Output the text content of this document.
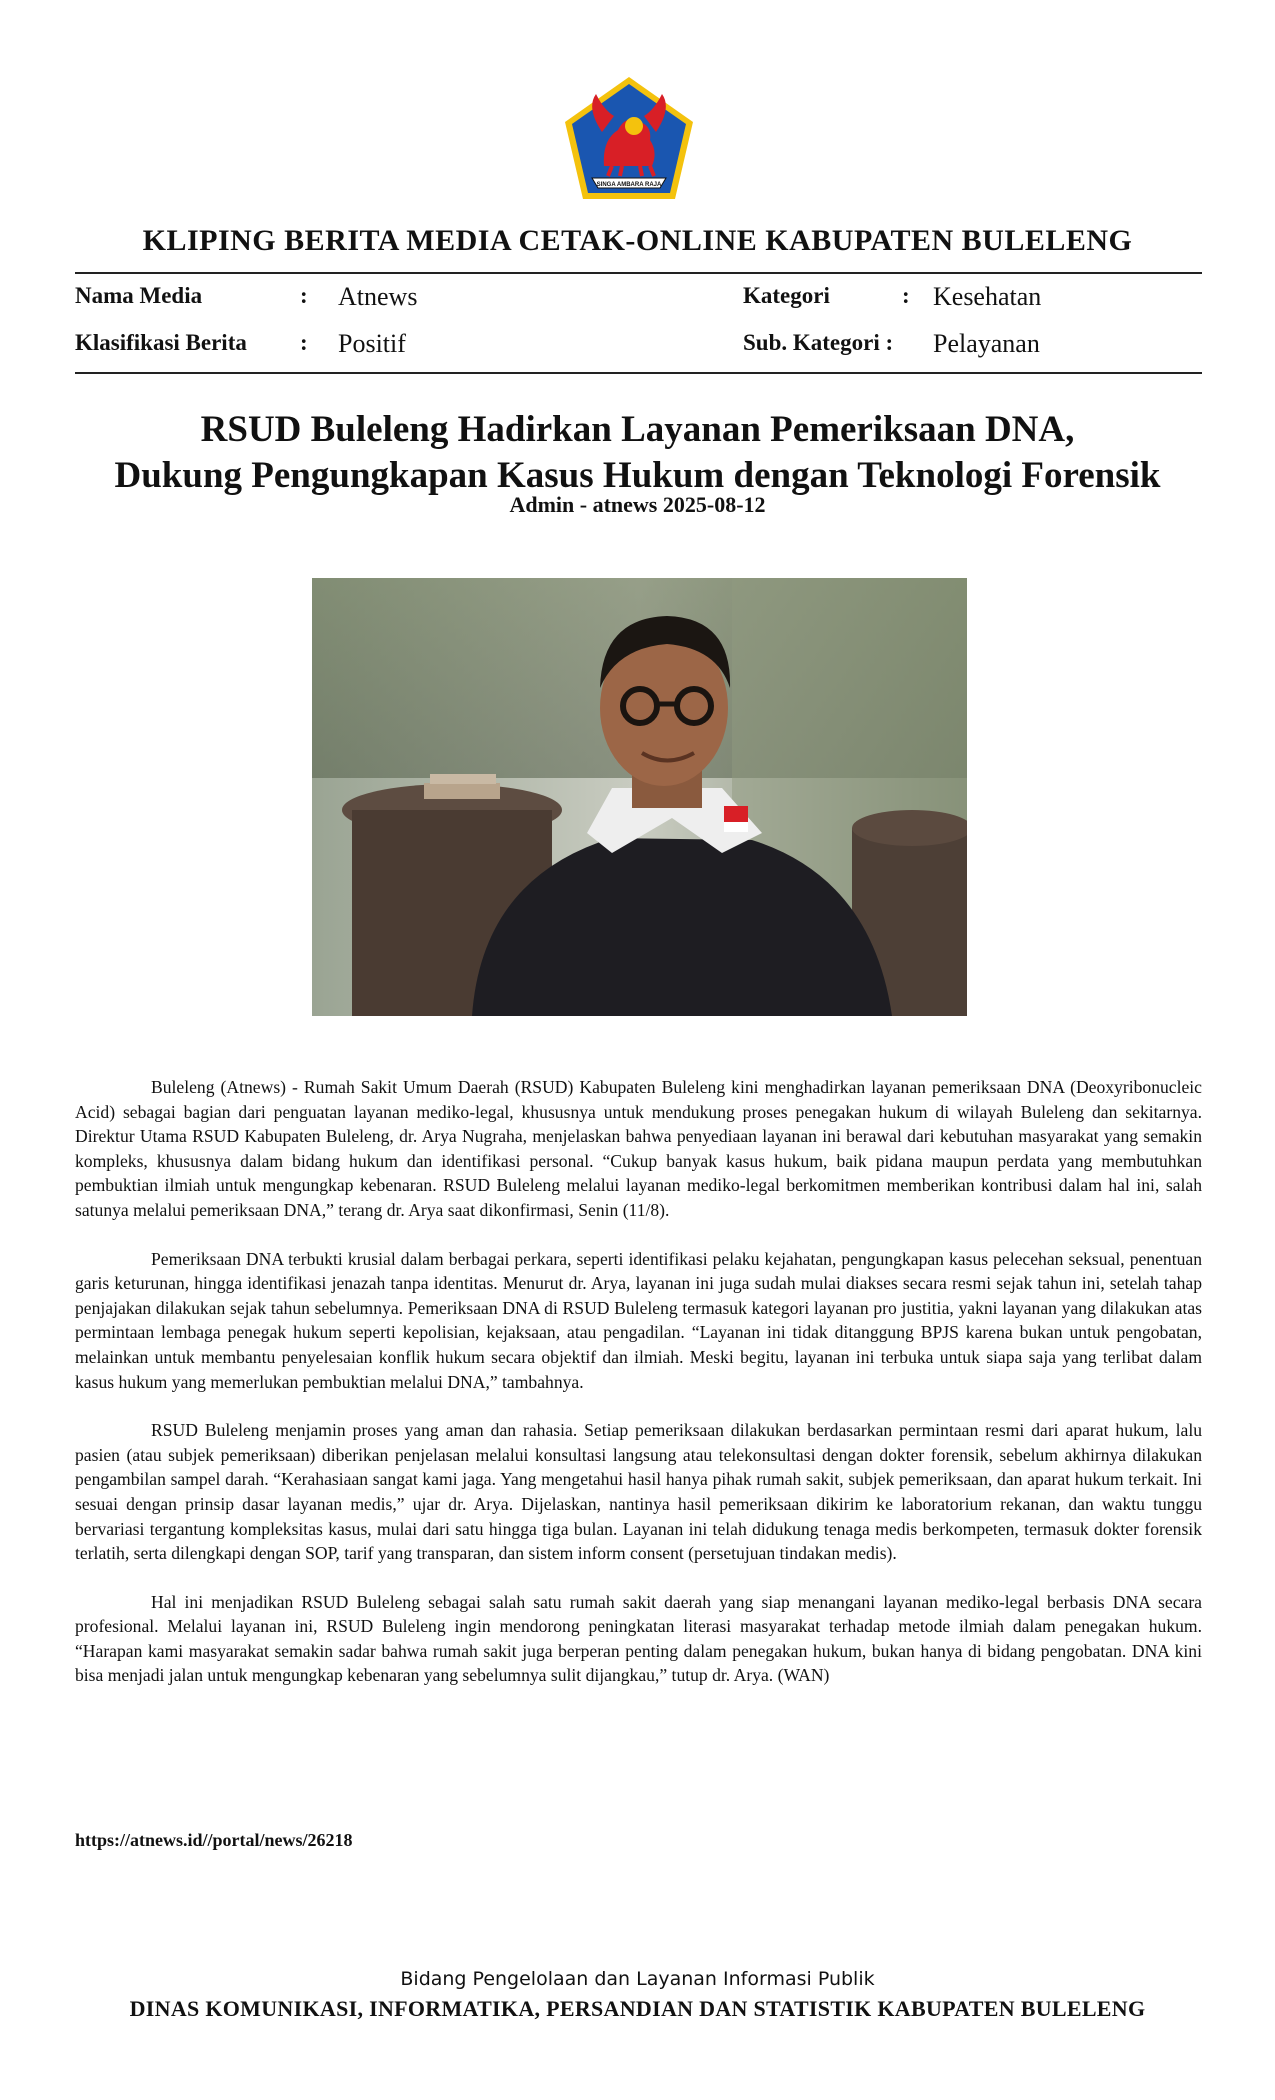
SINGA AMBARA RAJA
KLIPING BERITA MEDIA CETAK-ONLINE KABUPATEN BULELENG
Nama Media	: Atnews	Kategori	: Kesehatan
Klasifikasi Berita : Positif	Sub. Kategori : Pelayanan
RSUD Buleleng Hadirkan Layanan Pemeriksaan DNA,
Dukung Pengungkapan Kasus Hukum dengan Teknologi Forensik
Admin - atnews 2025-08-12

Buleleng (Atnews) - Rumah Sakit Umum Daerah (RSUD) Kabupaten Buleleng kini menghadirkan layanan pemeriksaan DNA (Deoxyribonucleic Acid) sebagai bagian dari penguatan layanan mediko-legal, khususnya untuk mendukung proses penegakan hukum di wilayah Buleleng dan sekitarnya. Direktur Utama RSUD Kabupaten Buleleng, dr. Arya Nugraha, menjelaskan bahwa penyediaan layanan ini berawal dari kebutuhan masyarakat yang semakin kompleks, khususnya dalam bidang hukum dan identifikasi personal. “Cukup banyak kasus hukum, baik pidana maupun perdata yang membutuhkan pembuktian ilmiah untuk mengungkap kebenaran. RSUD Buleleng melalui layanan mediko-legal berkomitmen memberikan kontribusi dalam hal ini, salah satunya melalui pemeriksaan DNA,” terang dr. Arya saat dikonfirmasi, Senin (11/8).

Pemeriksaan DNA terbukti krusial dalam berbagai perkara, seperti identifikasi pelaku kejahatan, pengungkapan kasus pelecehan seksual, penentuan garis keturunan, hingga identifikasi jenazah tanpa identitas. Menurut dr. Arya, layanan ini juga sudah mulai diakses secara resmi sejak tahun ini, setelah tahap penjajakan dilakukan sejak tahun sebelumnya. Pemeriksaan DNA di RSUD Buleleng termasuk kategori layanan pro justitia, yakni layanan yang dilakukan atas permintaan lembaga penegak hukum seperti kepolisian, kejaksaan, atau pengadilan. “Layanan ini tidak ditanggung BPJS karena bukan untuk pengobatan, melainkan untuk membantu penyelesaian konflik hukum secara objektif dan ilmiah. Meski begitu, layanan ini terbuka untuk siapa saja yang terlibat dalam kasus hukum yang memerlukan pembuktian melalui DNA,” tambahnya.

RSUD Buleleng menjamin proses yang aman dan rahasia. Setiap pemeriksaan dilakukan berdasarkan permintaan resmi dari aparat hukum, lalu pasien (atau subjek pemeriksaan) diberikan penjelasan melalui konsultasi langsung atau telekonsultasi dengan dokter forensik, sebelum akhirnya dilakukan pengambilan sampel darah. “Kerahasiaan sangat kami jaga. Yang mengetahui hasil hanya pihak rumah sakit, subjek pemeriksaan, dan aparat hukum terkait. Ini sesuai dengan prinsip dasar layanan medis,” ujar dr. Arya. Dijelaskan, nantinya hasil pemeriksaan dikirim ke laboratorium rekanan, dan waktu tunggu bervariasi tergantung kompleksitas kasus, mulai dari satu hingga tiga bulan. Layanan ini telah didukung tenaga medis berkompeten, termasuk dokter forensik terlatih, serta dilengkapi dengan SOP, tarif yang transparan, dan sistem inform consent (persetujuan tindakan medis).

Hal ini menjadikan RSUD Buleleng sebagai salah satu rumah sakit daerah yang siap menangani layanan mediko-legal berbasis DNA secara profesional. Melalui layanan ini, RSUD Buleleng ingin mendorong peningkatan literasi masyarakat terhadap metode ilmiah dalam penegakan hukum. “Harapan kami masyarakat semakin sadar bahwa rumah sakit juga berperan penting dalam penegakan hukum, bukan hanya di bidang pengobatan. DNA kini bisa menjadi jalan untuk mengungkap kebenaran yang sebelumnya sulit dijangkau,” tutup dr. Arya. (WAN)

https://atnews.id//portal/news/26218
Bidang Pengelolaan dan Layanan Informasi Publik
DINAS KOMUNIKASI, INFORMATIKA, PERSANDIAN DAN STATISTIK KABUPATEN BULELENG
